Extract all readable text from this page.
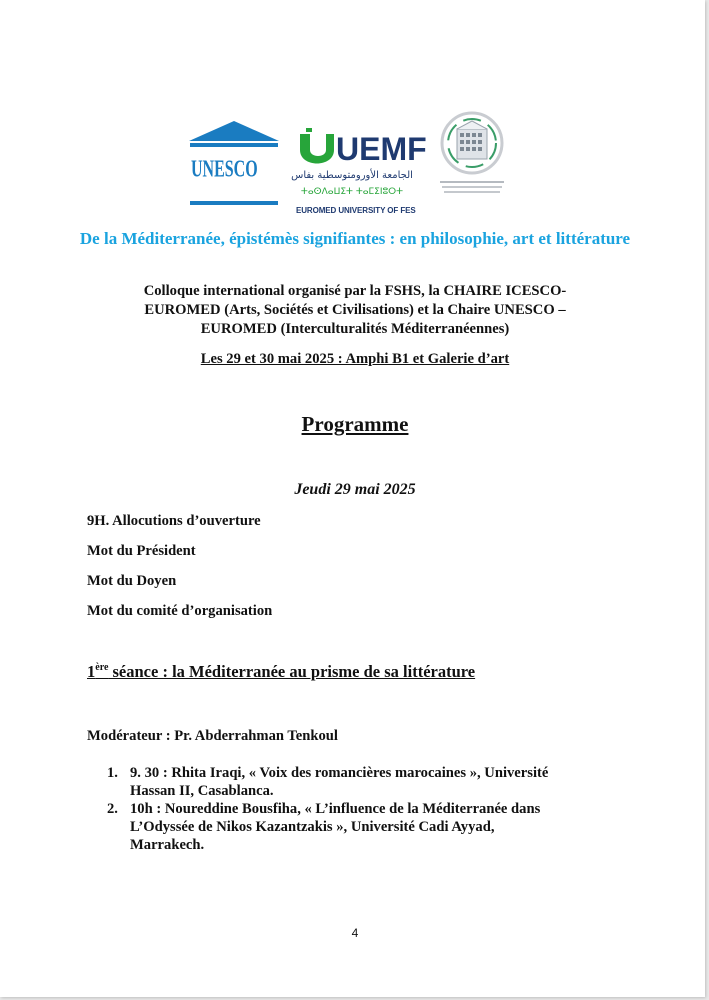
UNESCO
UEMF
الجامعة الأورومتوسطية بفاس
ⵜⴰⵙⴷⴰⵡⵉⵜ ⵜⴰⵎⵉⵏⵓⵔⵜ
EUROMED UNIVERSITY OF FES
De la Méditerranée, épistémès signifiantes : en philosophie, art et littérature
Colloque international organisé par la FSHS, la CHAIRE ICESCO-
EUROMED (Arts, Sociétés et Civilisations) et la Chaire UNESCO –
EUROMED (Interculturalités Méditerranéennes)
Les 29 et 30 mai 2025 : Amphi B1 et Galerie d’art
Programme
Jeudi 29 mai 2025
9H. Allocutions d’ouverture
Mot du Président
Mot du Doyen
Mot du comité d’organisation
1ère séance : la Méditerranée au prisme de sa littérature
Modérateur : Pr. Abderrahman Tenkoul
1. 9. 30 : Rhita Iraqi, « Voix des romancières marocaines », Université
Hassan II, Casablanca.
2. 10h : Noureddine Bousfiha, « L’influence de la Méditerranée dans
L’Odyssée de Nikos Kazantzakis », Université Cadi Ayyad,
Marrakech.
4
